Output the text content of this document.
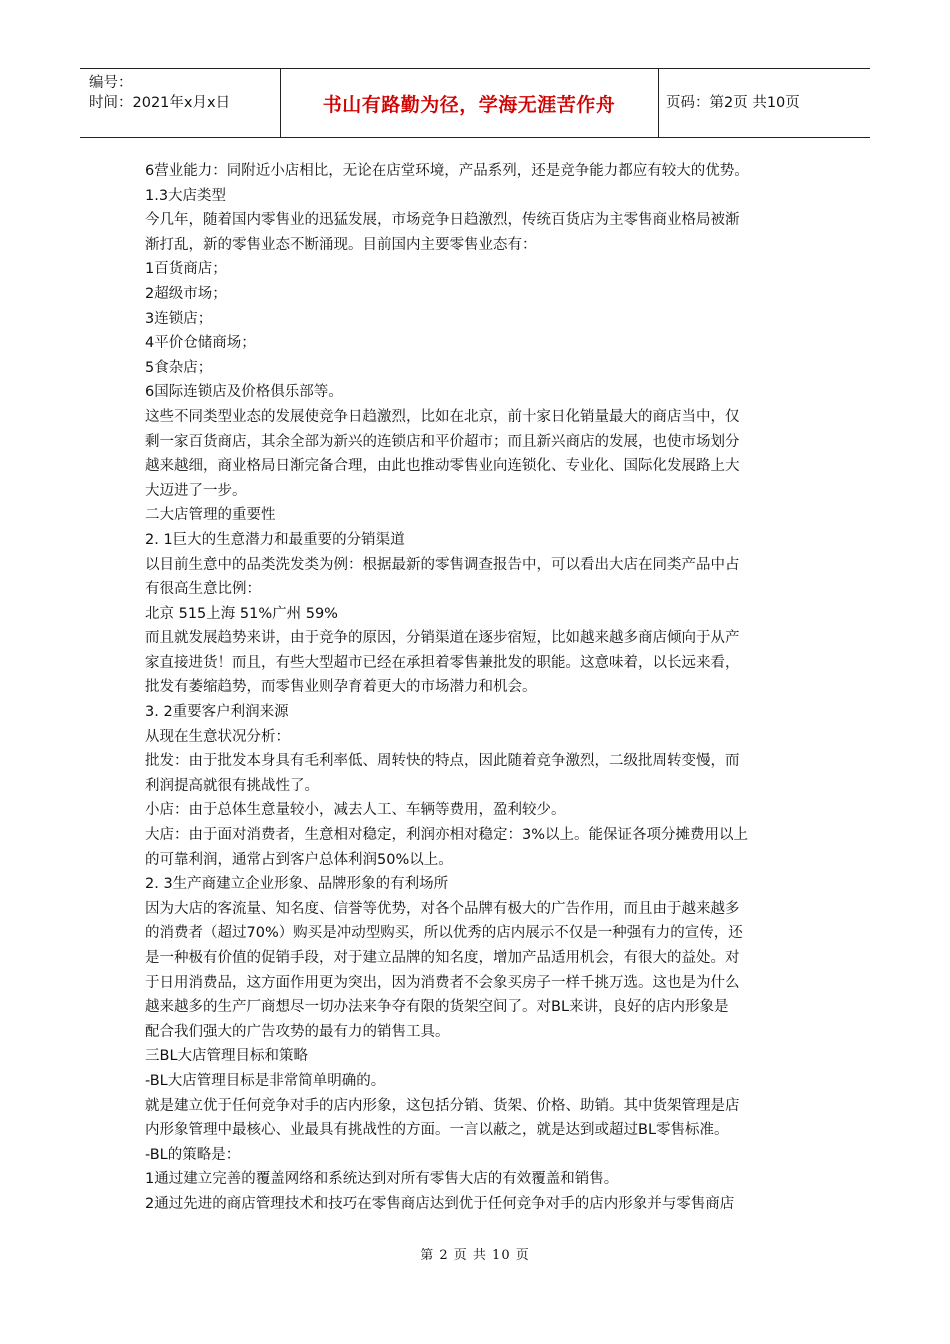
编号：
时间：2021年x月x日	书山有路勤为径，学海无涯苦作舟	页码：第2页 共10页

6营业能力：同附近小店相比，无论在店堂环境，产品系列，还是竞争能力都应有较大的优势。

1.3大店类型

今几年，随着国内零售业的迅猛发展，市场竞争日趋激烈，传统百货店为主零售商业格局被渐

渐打乱，新的零售业态不断涌现。目前国内主要零售业态有：

1百货商店；

2超级市场；

3连锁店；

4平价仓储商场；

5食杂店；

6国际连锁店及价格俱乐部等。

这些不同类型业态的发展使竞争日趋激烈，比如在北京，前十家日化销量最大的商店当中，仅

剩一家百货商店，其余全部为新兴的连锁店和平价超市；而且新兴商店的发展，也使市场划分

越来越细，商业格局日渐完备合理，由此也推动零售业向连锁化、专业化、国际化发展路上大

大迈进了一步。

二大店管理的重要性

2. 1巨大的生意潜力和最重要的分销渠道

以目前生意中的品类洗发类为例：根据最新的零售调查报告中，可以看出大店在同类产品中占

有很高生意比例：

北京 515上海 51%广州 59%

而且就发展趋势来讲，由于竞争的原因，分销渠道在逐步宿短，比如越来越多商店倾向于从产

家直接进货！而且，有些大型超市已经在承担着零售兼批发的职能。这意味着，以长远来看，

批发有萎缩趋势，而零售业则孕育着更大的市场潜力和机会。

3. 2重要客户利润来源

从现在生意状况分析：

批发：由于批发本身具有毛利率低、周转快的特点，因此随着竞争激烈，二级批周转变慢，而

利润提高就很有挑战性了。

小店：由于总体生意量较小，减去人工、车辆等费用，盈利较少。

大店：由于面对消费者，生意相对稳定，利润亦相对稳定：3%以上。能保证各项分摊费用以上

的可靠利润，通常占到客户总体利润50%以上。

2. 3生产商建立企业形象、品牌形象的有利场所

因为大店的客流量、知名度、信誉等优势，对各个品牌有极大的广告作用，而且由于越来越多

的消费者（超过70%）购买是冲动型购买，所以优秀的店内展示不仅是一种强有力的宣传，还

是一种极有价值的促销手段，对于建立品牌的知名度，增加产品适用机会，有很大的益处。对

于日用消费品，这方面作用更为突出，因为消费者不会象买房子一样千挑万选。这也是为什么

越来越多的生产厂商想尽一切办法来争夺有限的货架空间了。对BL来讲，良好的店内形象是

配合我们强大的广告攻势的最有力的销售工具。

三BL大店管理目标和策略

-BL大店管理目标是非常简单明确的。

就是建立优于任何竞争对手的店内形象，这包括分销、货架、价格、助销。其中货架管理是店

内形象管理中最核心、业最具有挑战性的方面。一言以蔽之，就是达到或超过BL零售标准。

-BL的策略是：

1通过建立完善的覆盖网络和系统达到对所有零售大店的有效覆盖和销售。

2通过先进的商店管理技术和技巧在零售商店达到优于任何竞争对手的店内形象并与零售商店

第 2 页 共 10 页
